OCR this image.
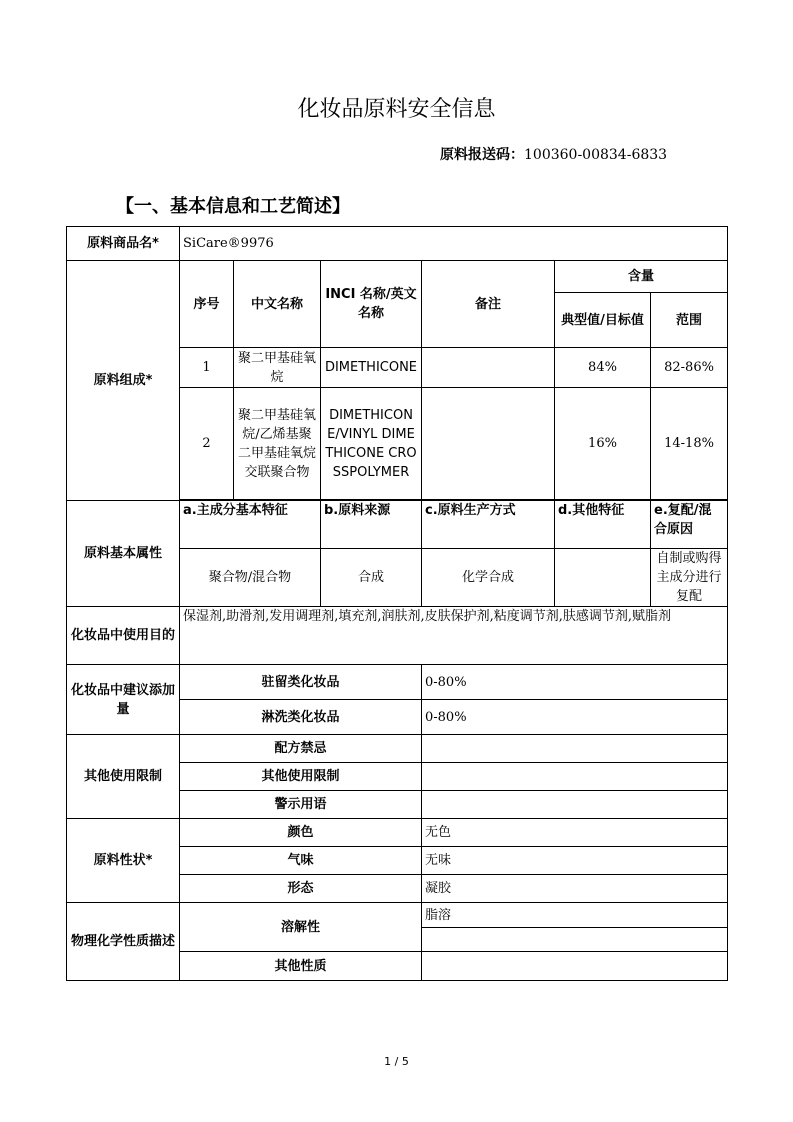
化妆品原料安全信息
原料报送码：100360-00834-6833
【一、基本信息和工艺简述】
原料商品名*	SiCare®9976					
原料组成*	序号	中文名称	INCI 名称/英文名称	备注	含量	
					典型值/目标值	范围
	1	聚二甲基硅氧烷	DIMETHICONE		84%	82-86%
	2	聚二甲基硅氧烷/乙烯基聚二甲基硅氧烷交联聚合物	DIMETHICONE/VINYL DIMETHICONE CROSSPOLYMER		16%	14-18%

原料基本属性	a.主成分基本特征		b.原料来源	c.原料生产方式	d.其他特征	e.复配/混合原因
	聚合物/混合物		合成	化学合成		自制或购得主成分进行复配
化妆品中使用目的	保湿剂,助滑剂,发用调理剂,填充剂,润肤剂,皮肤保护剂,粘度调节剂,肤感调节剂,赋脂剂					
化妆品中建议添加量	驻留类化妆品			0-80%		
	淋洗类化妆品			0-80%		
其他使用限制	配方禁忌					
	其他使用限制					
	警示用语					
原料性状*	颜色			无色		
	气味			无味		
	形态			凝胶		
物理化学性质描述	溶解性			脂溶		

	其他性质					
1 / 5
